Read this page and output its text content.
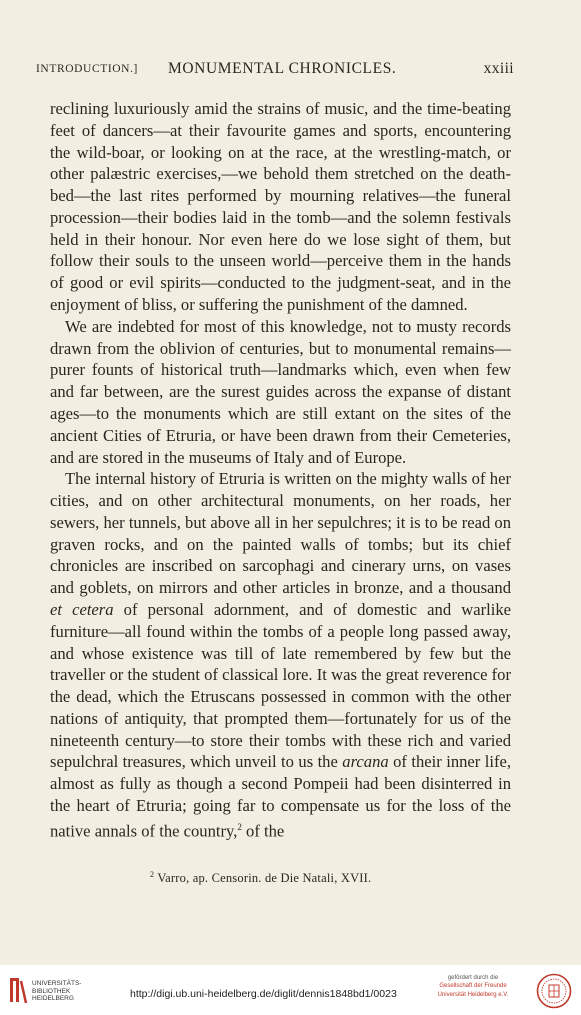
INTRODUCTION.] MONUMENTAL CHRONICLES.	xxiii

reclining luxuriously amid the strains of music, and the time-beating feet of dancers—at their favourite games and sports, encountering the wild-boar, or looking on at the race, at the wrestling-match, or other palæstric exercises,—we behold them stretched on the death-bed—the last rites performed by mourning relatives—the funeral procession—their bodies laid in the tomb—and the solemn festivals held in their honour. Nor even here do we lose sight of them, but follow their souls to the unseen world—perceive them in the hands of good or evil spirits—conducted to the judgment-seat, and in the enjoyment of bliss, or suffering the punishment of the damned.

We are indebted for most of this knowledge, not to musty records drawn from the oblivion of centuries, but to monumental remains—purer founts of historical truth—landmarks which, even when few and far between, are the surest guides across the expanse of distant ages—to the monuments which are still extant on the sites of the ancient Cities of Etruria, or have been drawn from their Cemeteries, and are stored in the museums of Italy and of Europe.

The internal history of Etruria is written on the mighty walls of her cities, and on other architectural monuments, on her roads, her sewers, her tunnels, but above all in her sepulchres; it is to be read on graven rocks, and on the painted walls of tombs; but its chief chronicles are inscribed on sarcophagi and cinerary urns, on vases and goblets, on mirrors and other articles in bronze, and a thousand et cetera of personal adornment, and of domestic and warlike furniture—all found within the tombs of a people long passed away, and whose existence was till of late remembered by few but the traveller or the student of classical lore. It was the great reverence for the dead, which the Etruscans possessed in common with the other nations of antiquity, that prompted them—fortunately for us of the nineteenth century—to store their tombs with these rich and varied sepulchral treasures, which unveil to us the arcana of their inner life, almost as fully as though a second Pompeii had been disinterred in the heart of Etruria; going far to compensate us for the loss of the native annals of the country,$^2$ of the

$^2$ Varro, ap. Censorin. de Die Natali, XVII.
UNIVERSITÄTS-
BIBLIOTHEK
HEIDELBERG	http://digi.ub.uni-heidelberg.de/diglit/dennis1848bd1/0023
gefördert durch die
Gesellschaft der Freunde
Universität Heidelberg e.V.
